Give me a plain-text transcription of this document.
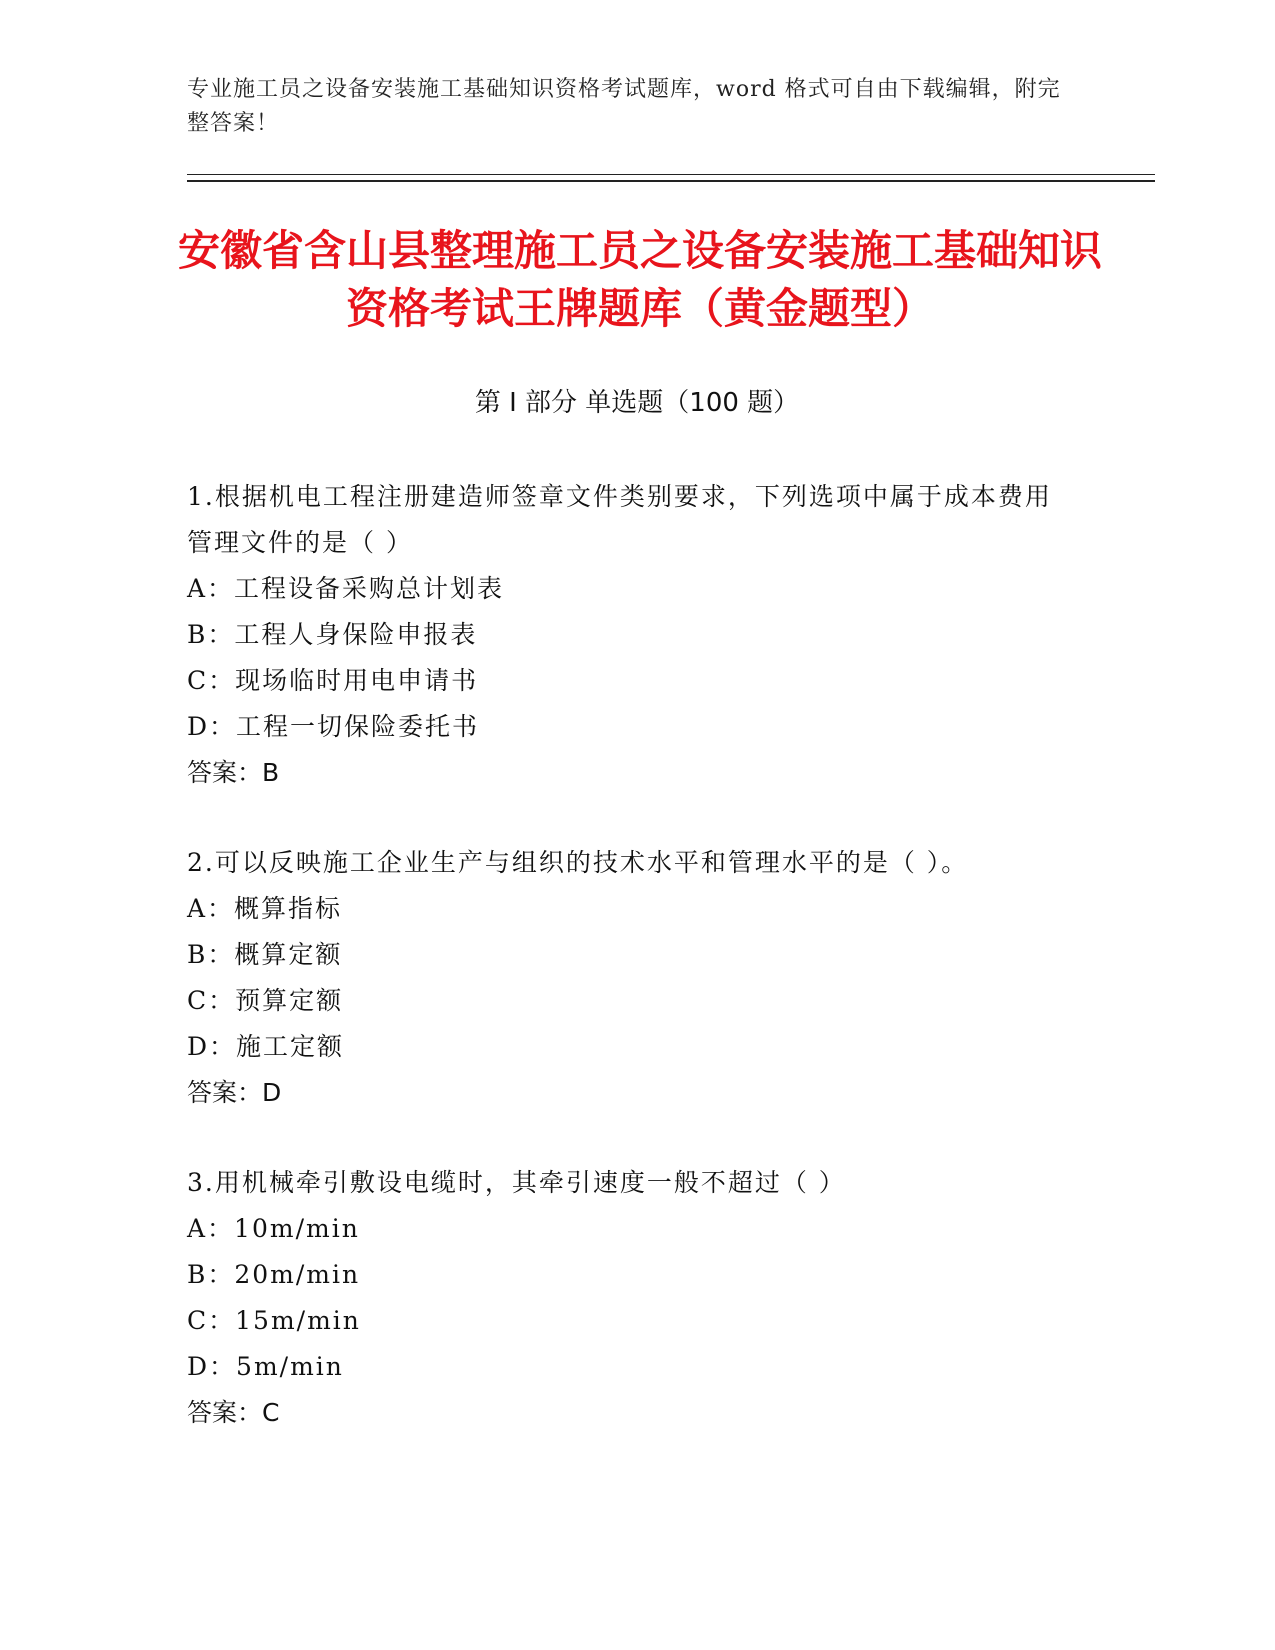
专业施工员之设备安装施工基础知识资格考试题库，word 格式可自由下载编辑，附完整答案！
安徽省含山县整理施工员之设备安装施工基础知识资格考试王牌题库（黄金题型）
第 I 部分 单选题（100 题）

1.根据机电工程注册建造师签章文件类别要求，下列选项中属于成本费用管理文件的是（ ）

A：工程设备采购总计划表

B：工程人身保险申报表

C：现场临时用电申请书

D：工程一切保险委托书

答案：B

2.可以反映施工企业生产与组织的技术水平和管理水平的是（ ）。

A：概算指标

B：概算定额

C：预算定额

D：施工定额

答案：D

3.用机械牵引敷设电缆时，其牵引速度一般不超过（ ）

A：10m/min

B：20m/min

C：15m/min

D：5m/min

答案：C
